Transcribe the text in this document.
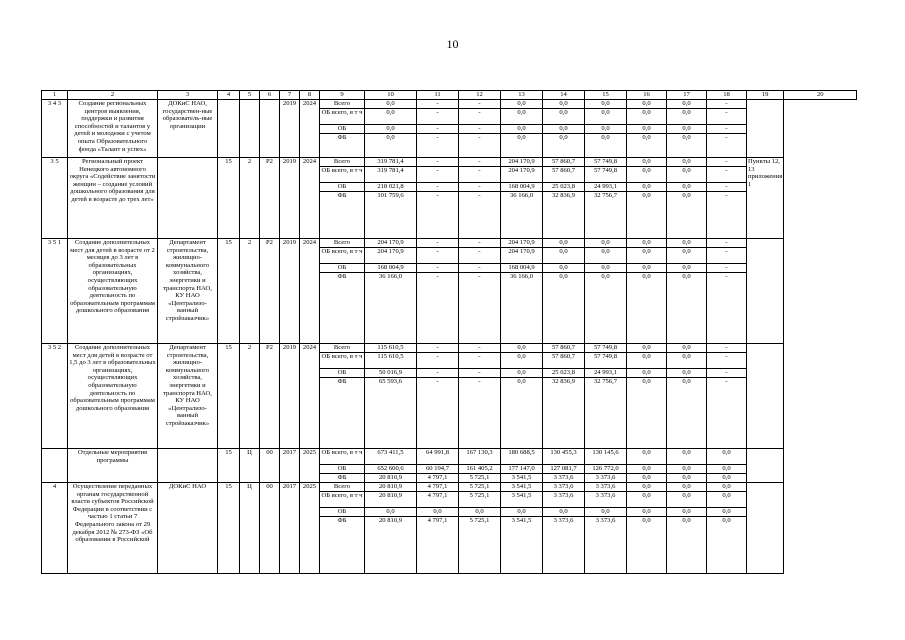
10
1	2	3	4	5	6	7	8	9	10	11	12	13	14	15	16	17	18	19	20
3 4 3	Создание региональных центров выявления, поддержки и развития способностей и талантов у детей и молодежи с учетом опыта Образовательного фонда «Талант и успех»	ДОКиС НАО, государствен-ные образователь-ные организации				2019	2024	Всего	0,0	-	-	0,0	0,0	0,0	0,0	0,0	-		
								ОБ всего, в т ч	0,0	-	-	0,0	0,0	0,0	0,0	0,0	-		
								ОБ	0,0	-	-	0,0	0,0	0,0	0,0	0,0	-		
								ФБ	0,0	-	-	0,0	0,0	0,0	0,0	0,0	-		
3 5	Региональный проект Ненецкого автономного округа «Содействие занятости женщин – создание условий дошкольного образования для детей в возрасте до трех лет»		15	2	Р2	2019	2024	Всего	319 781,4	-	-	204 170,9	57 860,7	57 749,8	0,0	0,0	-	Пункты 12, 13 приложения 1	
								ОБ всего, в т ч	319 781,4	-	-	204 170,9	57 860,7	57 749,8	0,0	0,0	-		
								ОБ	218 021,8	-	-	168 004,9	25 023,8	24 993,1	0,0	0,0	-		
								ФБ	101 759,6	-	-	36 166,0	32 836,9	32 756,7	0,0	0,0	-		
3 5 1	Создание дополнительных мест для детей в возрасте от 2 месяцев до 3 лет в образовательных организациях, осуществляющих образовательную деятельность по образовательным программам дошкольного образования	Департамент строительства, жилищно-коммунального хозяйства, энергетики и транспорта НАО, КУ НАО «Централизо-ванный стройзаказчик»	15	2	Р2	2019	2024	Всего	204 170,9	-	-	204 170,9	0,0	0,0	0,0	0,0	-		
								ОБ всего, в т ч	204 170,9	-	-	204 170,9	0,0	0,0	0,0	0,0	-		
								ОБ	168 004,9	-	-	168 004,9	0,0	0,0	0,0	0,0	-		
								ФБ	36 166,0	-	-	36 166,0	0,0	0,0	0,0	0,0	-		
3 5 2	Создание дополнительных мест для детей в возрасте от 1,5 до 3 лет в образовательных организациях, осуществляющих образовательную деятельность по образовательным программам дошкольного образования	Департамент строительства, жилищно-коммунального хозяйства, энергетики и транспорта НАО, КУ НАО «Централизо-ванный стройзаказчик»	15	2	Р2	2019	2024	Всего	115 610,5	-	-	0,0	57 860,7	57 749,8	0,0	0,0	-		
								ОБ всего, в т ч	115 610,5	-	-	0,0	57 860,7	57 749,8	0,0	0,0	-		
								ОБ	50 016,9	-	-	0,0	25 023,8	24 993,1	0,0	0,0	-		
								ФБ	65 593,6	-	-	0,0	32 836,9	32 756,7	0,0	0,0	-		
	Отдельные мероприятия программы		15	Ц	00	2017	2025	ОБ всего, в т ч	673 411,5	64 991,8	167 130,3	180 688,5	130 455,3	130 145,6	0,0	0,0	0,0		
								ОБ	652 600,6	60 194,7	161 405,2	177 147,0	127 081,7	126 772,0	0,0	0,0	0,0		
								ФБ	20 810,9	4 797,1	5 725,1	3 541,5	3 373,6	3 373,6	0,0	0,0	0,0		
4	Осуществление переданных органам государственной власти субъектов Российской Федерации в соответствии с частью 1 статьи 7 Федерального закона от 29 декабря 2012 № 273-ФЗ «Об образовании в Российской	ДОКиС НАО	15	Ц	00	2017	2025	Всего	20 810,9	4 797,1	5 725,1	3 541,5	3 373,6	3 373,6	0,0	0,0	0,0		
								ОБ всего, в т ч	20 810,9	4 797,1	5 725,1	3 541,5	3 373,6	3 373,6	0,0	0,0	0,0		
								ОБ	0,0	0,0	0,0	0,0	0,0	0,0	0,0	0,0	0,0		
								ФБ	20 810,9	4 797,1	5 725,1	3 541,5	3 373,6	3 373,6	0,0	0,0	0,0		
